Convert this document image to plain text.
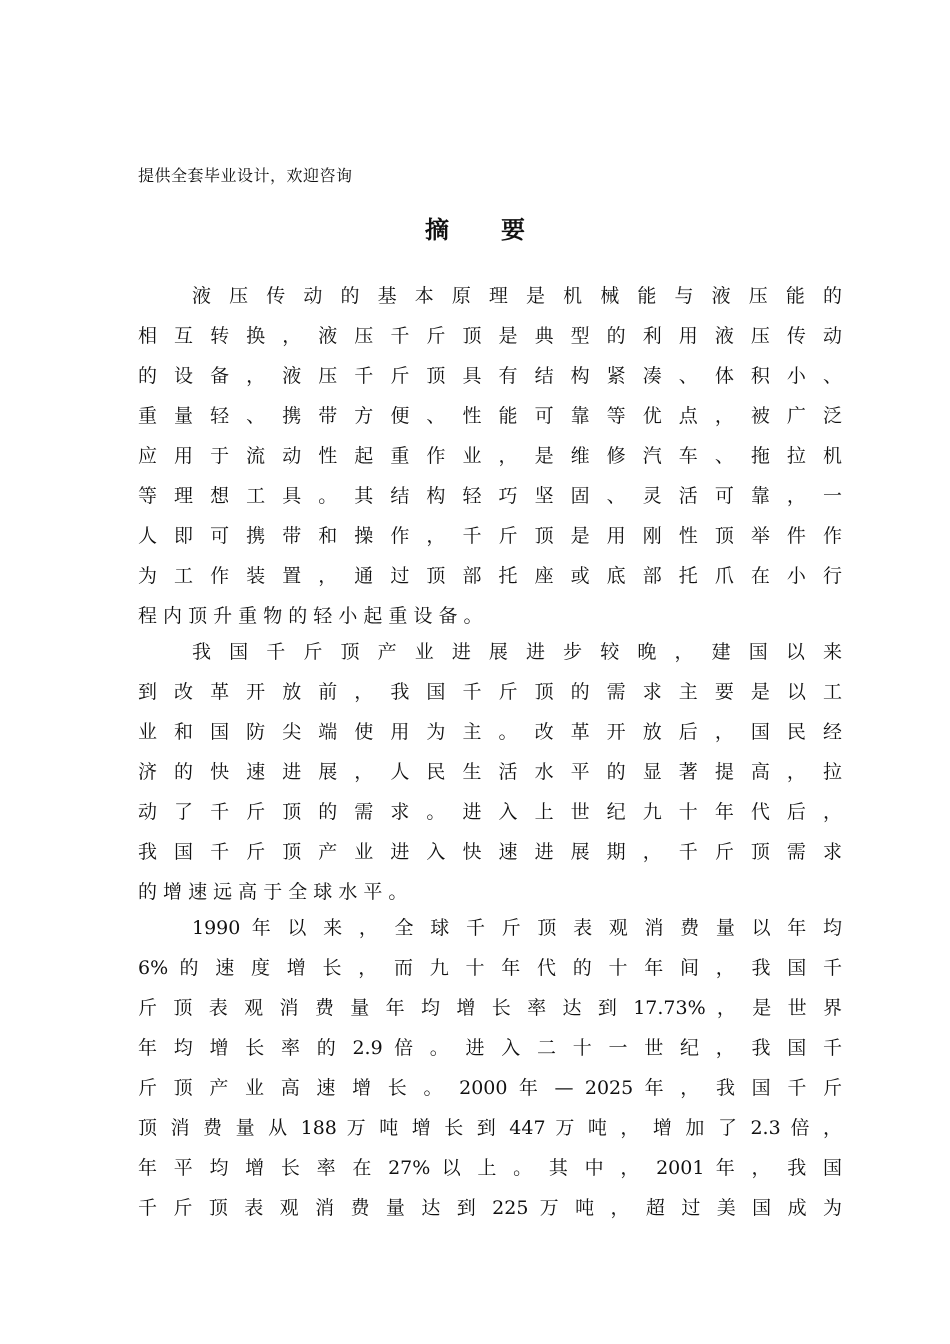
提供全套毕业设计，欢迎咨询
摘 要
液 压 传 动 的 基 本 原 理 是 机 械 能 与 液 压 能 的
相 互 转 换 ， 液 压 千 斤 顶 是 典 型 的 利 用 液 压 传 动
的 设 备 ， 液 压 千 斤 顶 具 有 结 构 紧 凑 、 体 积 小 、
重 量 轻 、 携 带 方 便 、 性 能 可 靠 等 优 点 ， 被 广 泛
应 用 于 流 动 性 起 重 作 业 ， 是 维 修 汽 车 、 拖 拉 机
等 理 想 工 具 。 其 结 构 轻 巧 坚 固 、 灵 活 可 靠 ， 一
人 即 可 携 带 和 操 作 ， 千 斤 顶 是 用 刚 性 顶 举 件 作
为 工 作 装 置 ， 通 过 顶 部 托 座 或 底 部 托 爪 在 小 行
程 内 顶 升 重 物 的 轻 小 起 重 设 备 。
我 国 千 斤 顶 产 业 进 展 进 步 较 晚 ， 建 国 以 来
到 改 革 开 放 前 ， 我 国 千 斤 顶 的 需 求 主 要 是 以 工
业 和 国 防 尖 端 使 用 为 主 。 改 革 开 放 后 ， 国 民 经
济 的 快 速 进 展 ， 人 民 生 活 水 平 的 显 著 提 高 ， 拉
动 了 千 斤 顶 的 需 求 。 进 入 上 世 纪 九 十 年 代 后 ，
我 国 千 斤 顶 产 业 进 入 快 速 进 展 期 ， 千 斤 顶 需 求
的 增 速 远 高 于 全 球 水 平 。
1990 年 以 来 ， 全 球 千 斤 顶 表 观 消 费 量 以 年 均
6% 的 速 度 增 长 ， 而 九 十 年 代 的 十 年 间 ， 我 国 千
斤 顶 表 观 消 费 量 年 均 增 长 率 达 到 17.73% ， 是 世 界
年 均 增 长 率 的 2.9 倍 。 进 入 二 十 一 世 纪 ， 我 国 千
斤 顶 产 业 高 速 增 长 。 2000 年 — 2025 年 ， 我 国 千 斤
顶 消 费 量 从 188 万 吨 增 长 到 447 万 吨 ， 增 加 了 2.3 倍 ，
年 平 均 增 长 率 在 27% 以 上 。 其 中 ， 2001 年 ， 我 国
千 斤 顶 表 观 消 费 量 达 到 225 万 吨 ， 超 过 美 国 成 为
